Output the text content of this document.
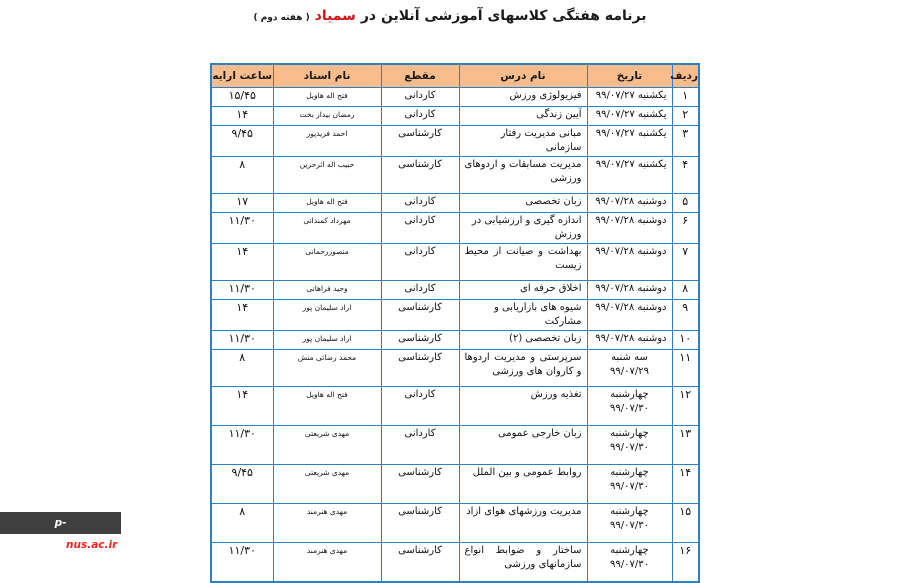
برنامه هفتگی کلاسهای آموزشی آنلاین در سمیاد ( هفته دوم )
ردیف	تاریخ	نام درس	مقطع	نام استاد	ساعت ارایه
۱	یکشنبه ۹۹/۰۷/۲۷	فیزیولوژی ورزش	کاردانی	فتح اله هاویل	۱۵/۴۵
۲	یکشنبه ۹۹/۰۷/۲۷	آیین زندگی	کاردانی	رمضان بیدار بخت	۱۴
۳	یکشنبه ۹۹/۰۷/۲۷	مبانی مدیریت رفتار سازمانی	کارشناسی	احمد فریدپور	۹/۴۵
۴	یکشنبه ۹۹/۰۷/۲۷	مدیریت مسابقات و اردوهای ورزشی	کارشناسی	حبیب اله اثرحزین	۸
۵	دوشنبه ۹۹/۰۷/۲۸	زبان تخصصی	کاردانی	فتح اله هاویل	۱۷
۶	دوشنبه ۹۹/۰۷/۲۸	اندازه گیری و ارزشیابی در ورزش	کاردانی	مهرداد کمندانی	۱۱/۳۰
۷	دوشنبه ۹۹/۰۷/۲۸	بهداشت و صیانت از محیط زیست	کاردانی	منصوررحمانی	۱۴
۸	دوشنبه ۹۹/۰۷/۲۸	اخلاق حرفه ای	کاردانی	وحید فراهانی	۱۱/۳۰
۹	دوشنبه ۹۹/۰۷/۲۸	شیوه های بازاریابی و مشارکت	کارشناسی	اراد سلیمان پور	۱۴
۱۰	دوشنبه ۹۹/۰۷/۲۸	زبان تخصصی (۲)	کارشناسی	اراد سلیمان پور	۱۱/۳۰
۱۱	سه شنبه ۹۹/۰۷/۲۹	سرپرستی و مدیریت اردوها و کاروان های ورزشی	کارشناسی	محمد رضائی منش	۸
۱۲	چهارشنبه ۹۹/۰۷/۳۰	تغذیه ورزش	کاردانی	فتح اله هاویل	۱۴
۱۳	چهارشنبه ۹۹/۰۷/۳۰	زبان خارجی عمومی	کاردانی	مهدی شریعتی	۱۱/۳۰
۱۴	چهارشنبه ۹۹/۰۷/۳۰	روابط عمومی و بین الملل	کارشناسی	مهدی شریعتی	۹/۴۵
۱۵	چهارشنبه ۹۹/۰۷/۳۰	مدیریت ورزشهای هوای ازاد	کارشناسی	مهدی هنرمند	۸
۱۶	چهارشنبه ۹۹/۰۷/۳۰	ساختار و ضوابط انواع سازمانهای ورزشی	کارشناسی	مهدی هنرمند	۱۱/۳۰
p-safadasht.nus.ac.ir
